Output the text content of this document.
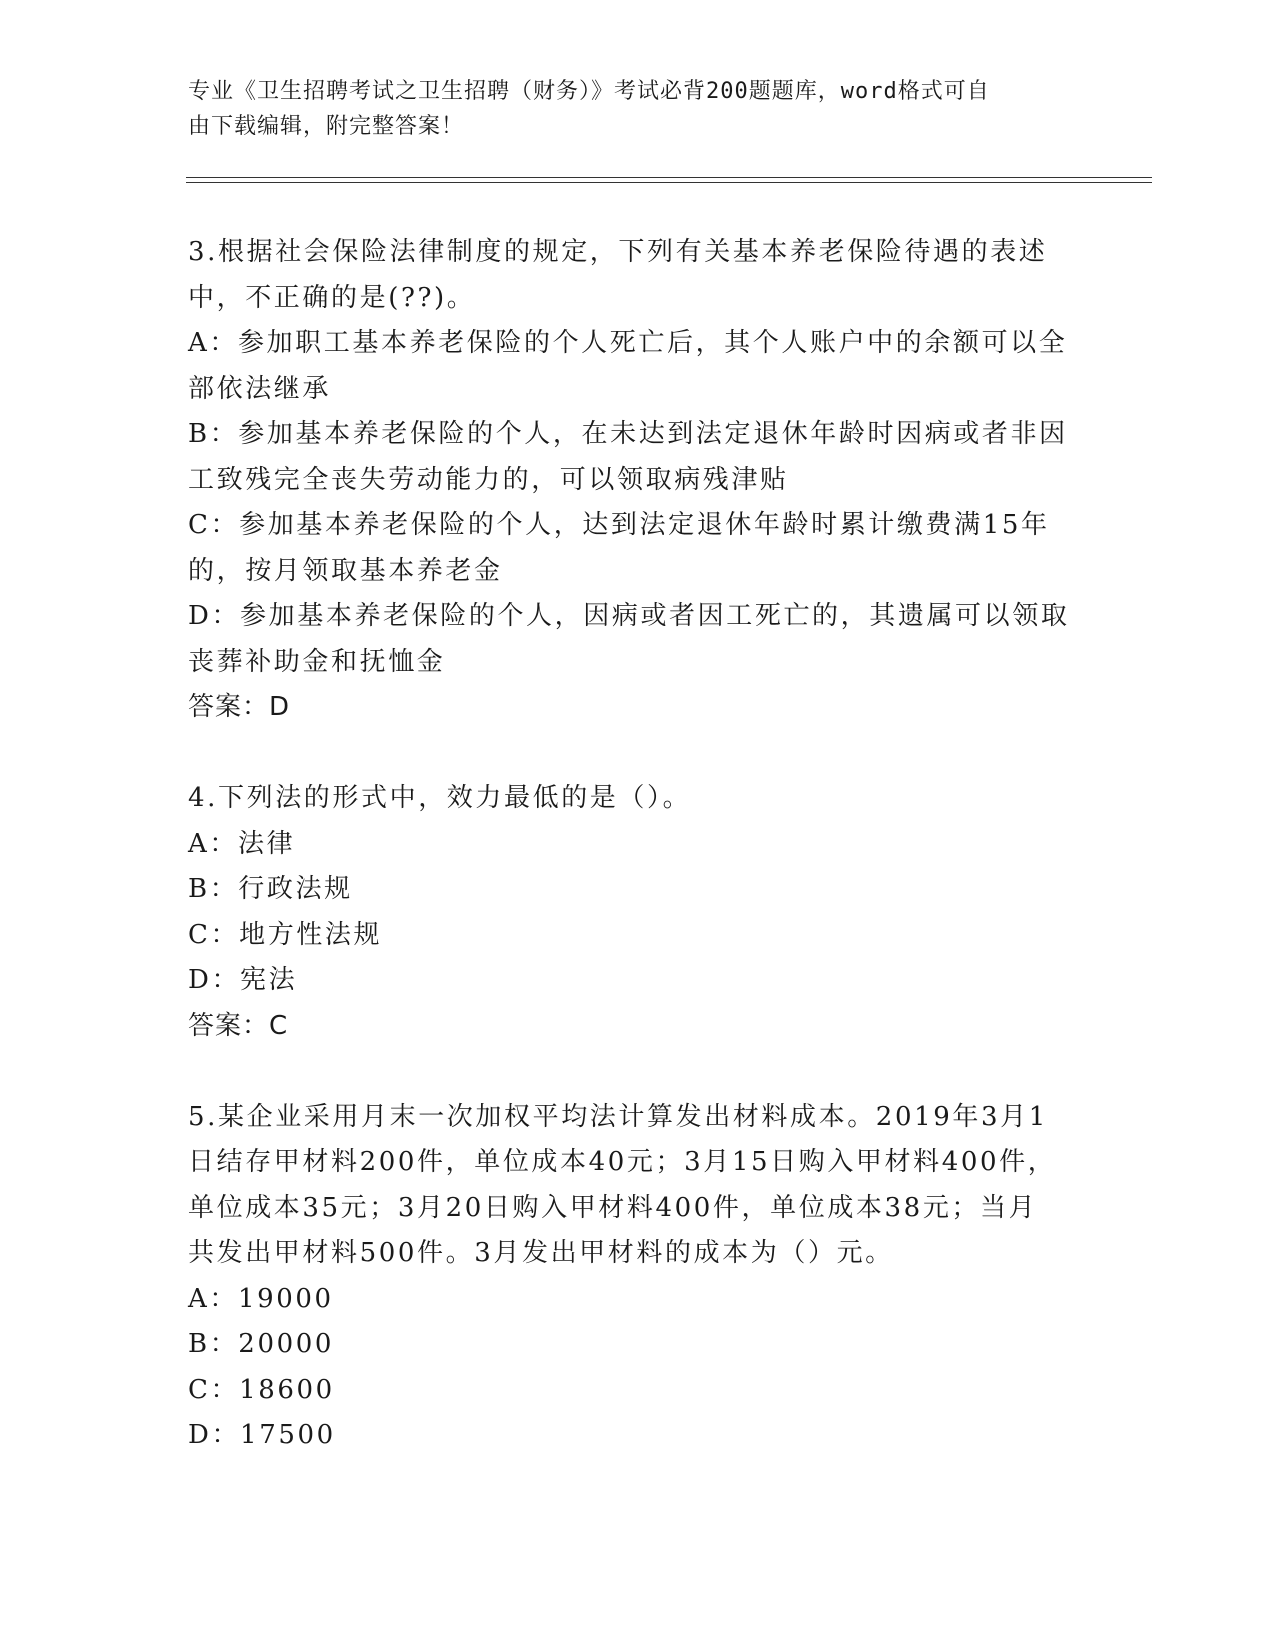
专业《卫生招聘考试之卫生招聘（财务）》考试必背200题题库，word格式可自
由下载编辑，附完整答案！
3.根据社会保险法律制度的规定，下列有关基本养老保险待遇的表述
中，不正确的是(??)。
A：参加职工基本养老保险的个人死亡后，其个人账户中的余额可以全
部依法继承
B：参加基本养老保险的个人，在未达到法定退休年龄时因病或者非因
工致残完全丧失劳动能力的，可以领取病残津贴
C：参加基本养老保险的个人，达到法定退休年龄时累计缴费满15年
的，按月领取基本养老金
D：参加基本养老保险的个人，因病或者因工死亡的，其遗属可以领取
丧葬补助金和抚恤金
答案：D
4.下列法的形式中，效力最低的是（）。
A：法律
B：行政法规
C：地方性法规
D：宪法
答案：C
5.某企业采用月末一次加权平均法计算发出材料成本。2019年3月1
日结存甲材料200件，单位成本40元；3月15日购入甲材料400件，
单位成本35元；3月20日购入甲材料400件，单位成本38元；当月
共发出甲材料500件。3月发出甲材料的成本为（）元。
A：19000
B：20000
C：18600
D：17500
